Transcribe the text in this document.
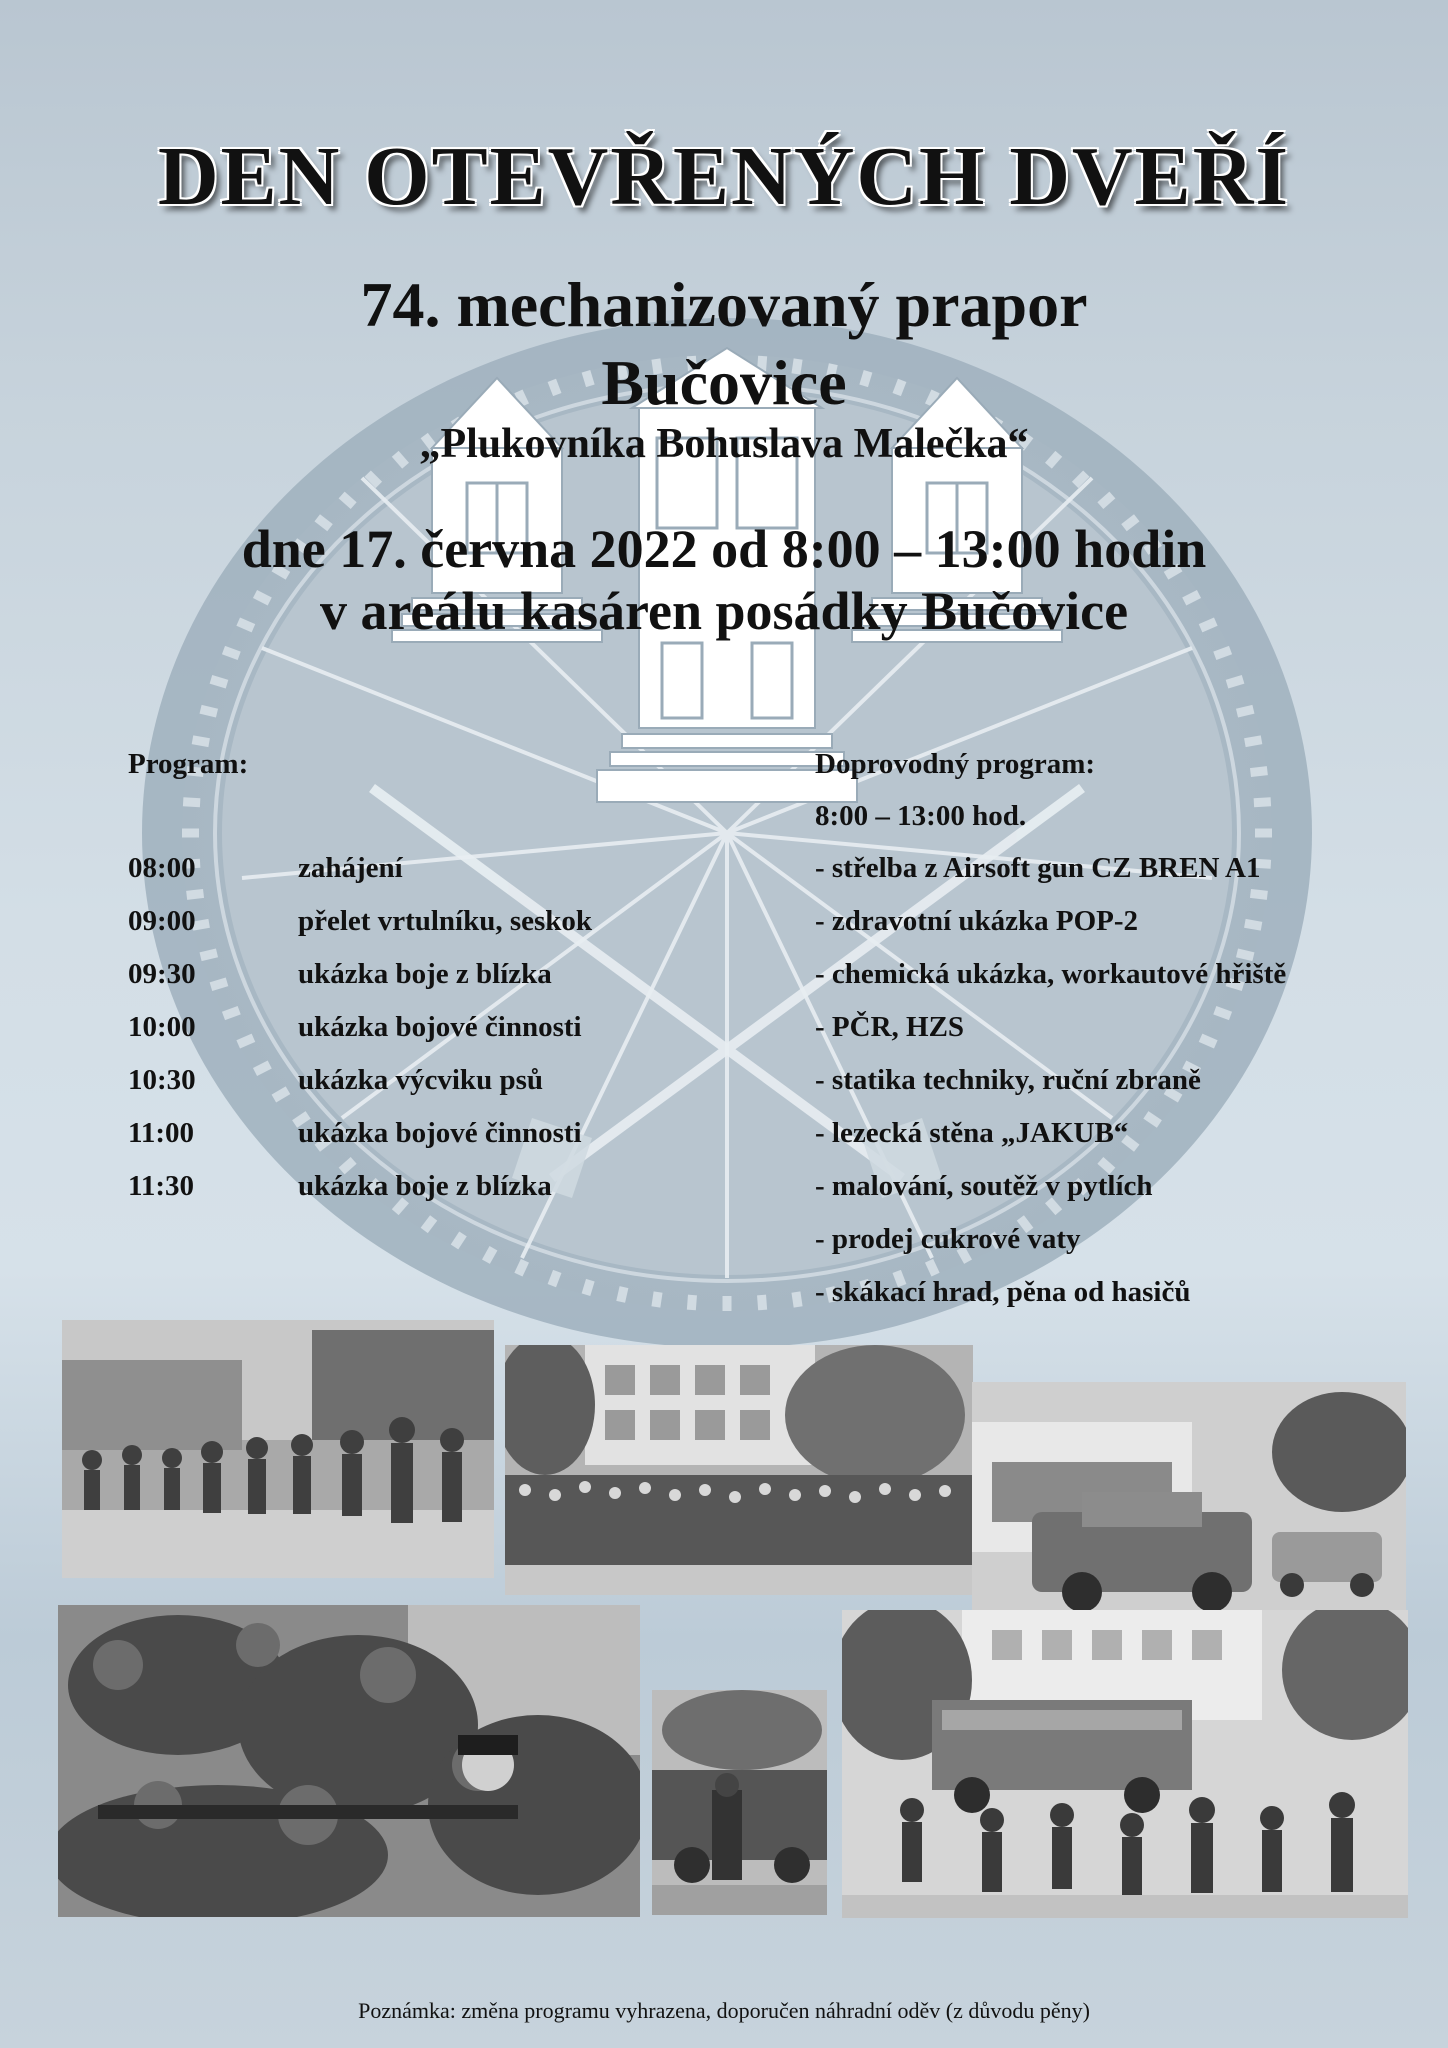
DEN OTEVŘENÝCH DVEŘÍ

74. mechanizovaný prapor

Bučovice

„Plukovníka Bohuslava Malečka“

dne 17. června 2022 od 8:00 – 13:00 hodin

v areálu kasáren posádky Bučovice

Program:
08:00	zahájení
09:00	přelet vrtulníku, seskok
09:30	ukázka boje z blízka
10:00	ukázka bojové činnosti
10:30	ukázka výcviku psů
11:00	ukázka bojové činnosti
11:30	ukázka boje z blízka
Doprovodný program:
8:00 – 13:00 hod.
- střelba z Airsoft gun CZ BREN A1
- zdravotní ukázka POP-2
- chemická ukázka, workautové hřiště
- PČR, HZS
- statika techniky, ruční zbraně
- lezecká stěna „JAKUB“
- malování, soutěž v pytlích
- prodej cukrové vaty
- skákací hrad, pěna od hasičů
Poznámka: změna programu vyhrazena, doporučen náhradní oděv (z důvodu pěny)
